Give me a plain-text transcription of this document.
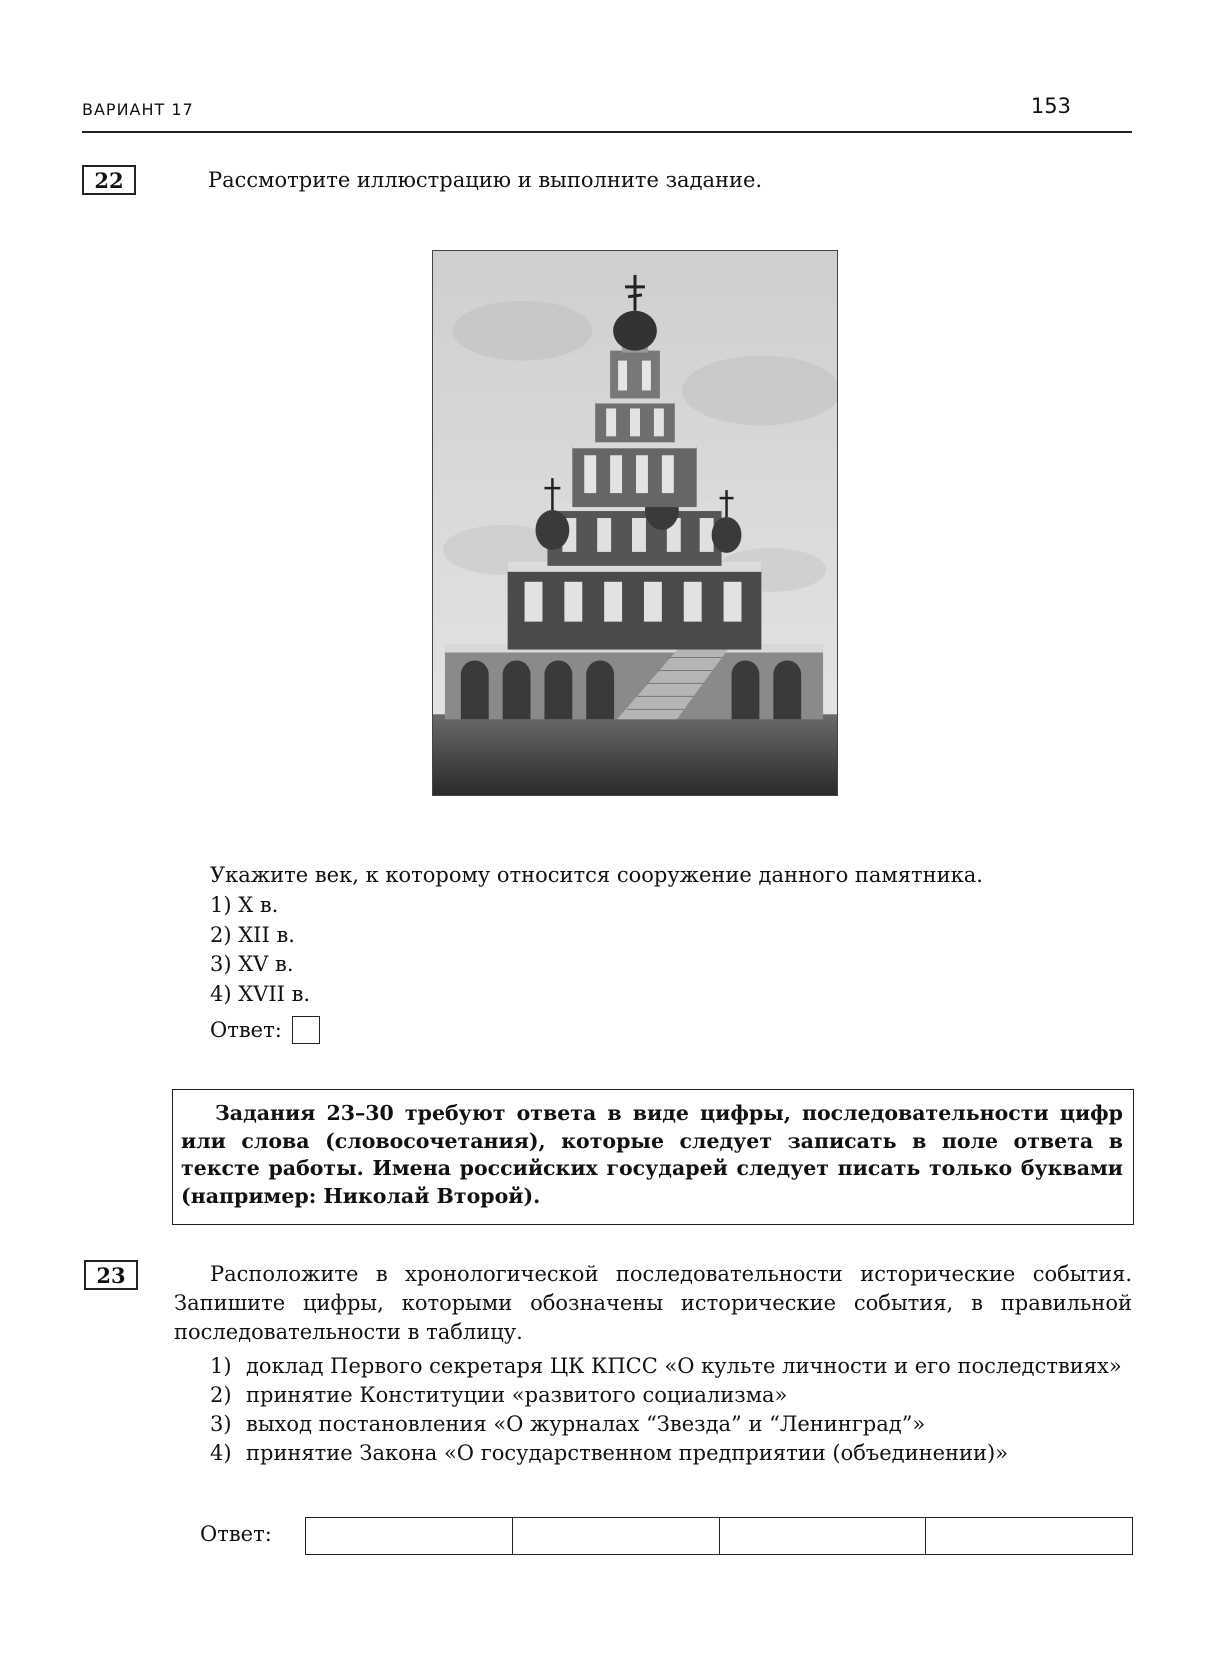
ВАРИАНТ 17	153
22	Рассмотрите иллюстрацию и выполните задание.
Укажите век, к которому относится сооружение данного памятника.
1) X в.
2) XII в.
3) XV в.
4) XVII в.
Ответ:
Задания 23–30 требуют ответа в виде цифры, последовательности цифр или слова (словосочетания), которые следует записать в поле ответа в тексте работы. Имена российских государей следует писать только буквами (например: Николай Второй).
23	Расположите в хронологической последовательности исторические события. Запишите цифры, которыми обозначены исторические события, в правильной последовательности в таблицу.
1) доклад Первого секретаря ЦК КПСС «О культе личности и его последствиях»
2) принятие Конституции «развитого социализма»
3) выход постановления «О журналах “Звезда” и “Ленинград”»
4) принятие Закона «О государственном предприятии (объединении)»
Ответ:
